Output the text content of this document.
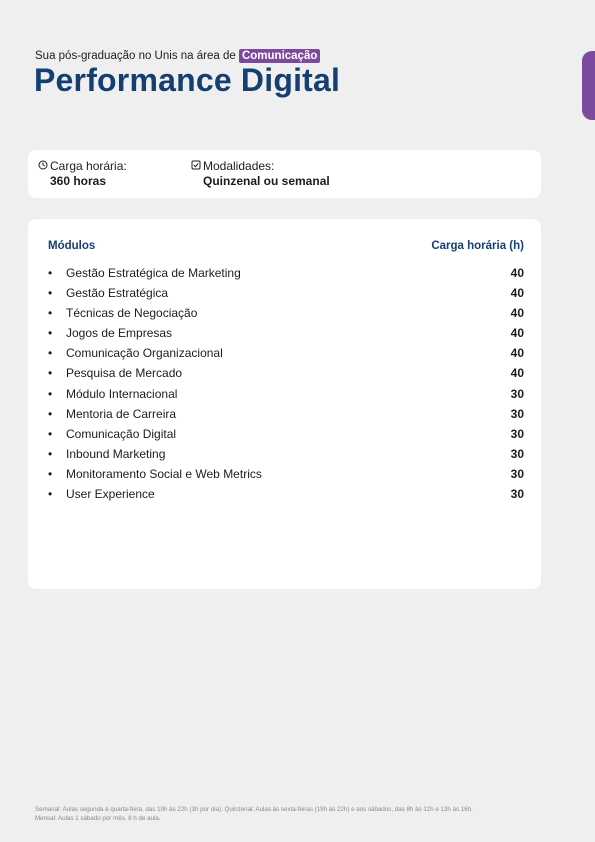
Sua pós-graduação no Unis na área de Comunicação
Performance Digital
Carga horária:
360 horas
Modalidades:
Quinzenal ou semanal
Módulos	Carga horária (h)
• Gestão Estratégica de Marketing	40
• Gestão Estratégica	40
• Técnicas de Negociação	40
• Jogos de Empresas	40
• Comunicação Organizacional	40
• Pesquisa de Mercado	40
• Módulo Internacional	30
• Mentoria de Carreira	30
• Comunicação Digital	30
• Inbound Marketing	30
• Monitoramento Social e Web Metrics	30
• User Experience	30
Semanal: Aulas segunda à quarta-feira, das 19h às 22h (3h por dia). Quinzenal: Aulas às sexta-feiras (19h às 22h) e aos sábados, das 8h às 12h e 13h às 16h.
Mensal: Aulas 1 sábado por mês, 8 h de aula.
